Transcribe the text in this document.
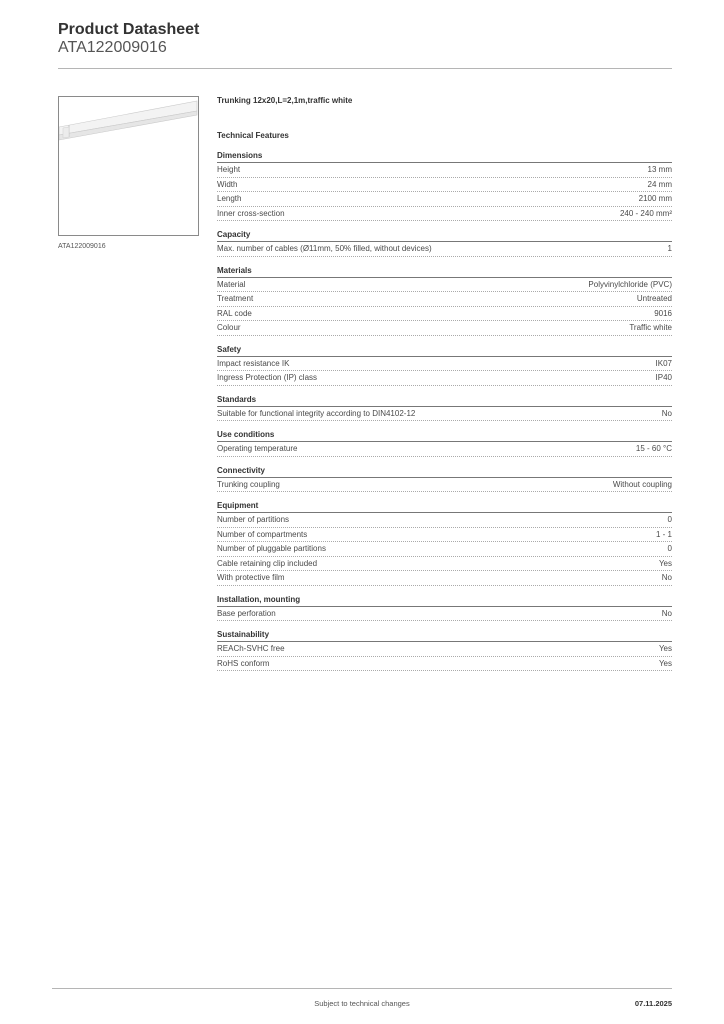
Product Datasheet
ATA122009016
ATA122009016
Trunking 12x20,L=2,1m,traffic white
Technical Features
Dimensions
Height	13 mm
Width	24 mm
Length	2100 mm
Inner cross-section	240 - 240 mm²
Capacity
Max. number of cables (Ø11mm, 50% filled, without devices)	1
Materials
Material	Polyvinylchloride (PVC)
Treatment	Untreated
RAL code	9016
Colour	Traffic white
Safety
Impact resistance IK	IK07
Ingress Protection (IP) class	IP40
Standards
Suitable for functional integrity according to DIN4102-12	No
Use conditions
Operating temperature	15 - 60 °C
Connectivity
Trunking coupling	Without coupling
Equipment
Number of partitions	0
Number of compartments	1 - 1
Number of pluggable partitions	0
Cable retaining clip included	Yes
With protective film	No
Installation, mounting
Base perforation	No
Sustainability
REACh-SVHC free	Yes
RoHS conform	Yes
Subject to technical changes	07.11.2025
